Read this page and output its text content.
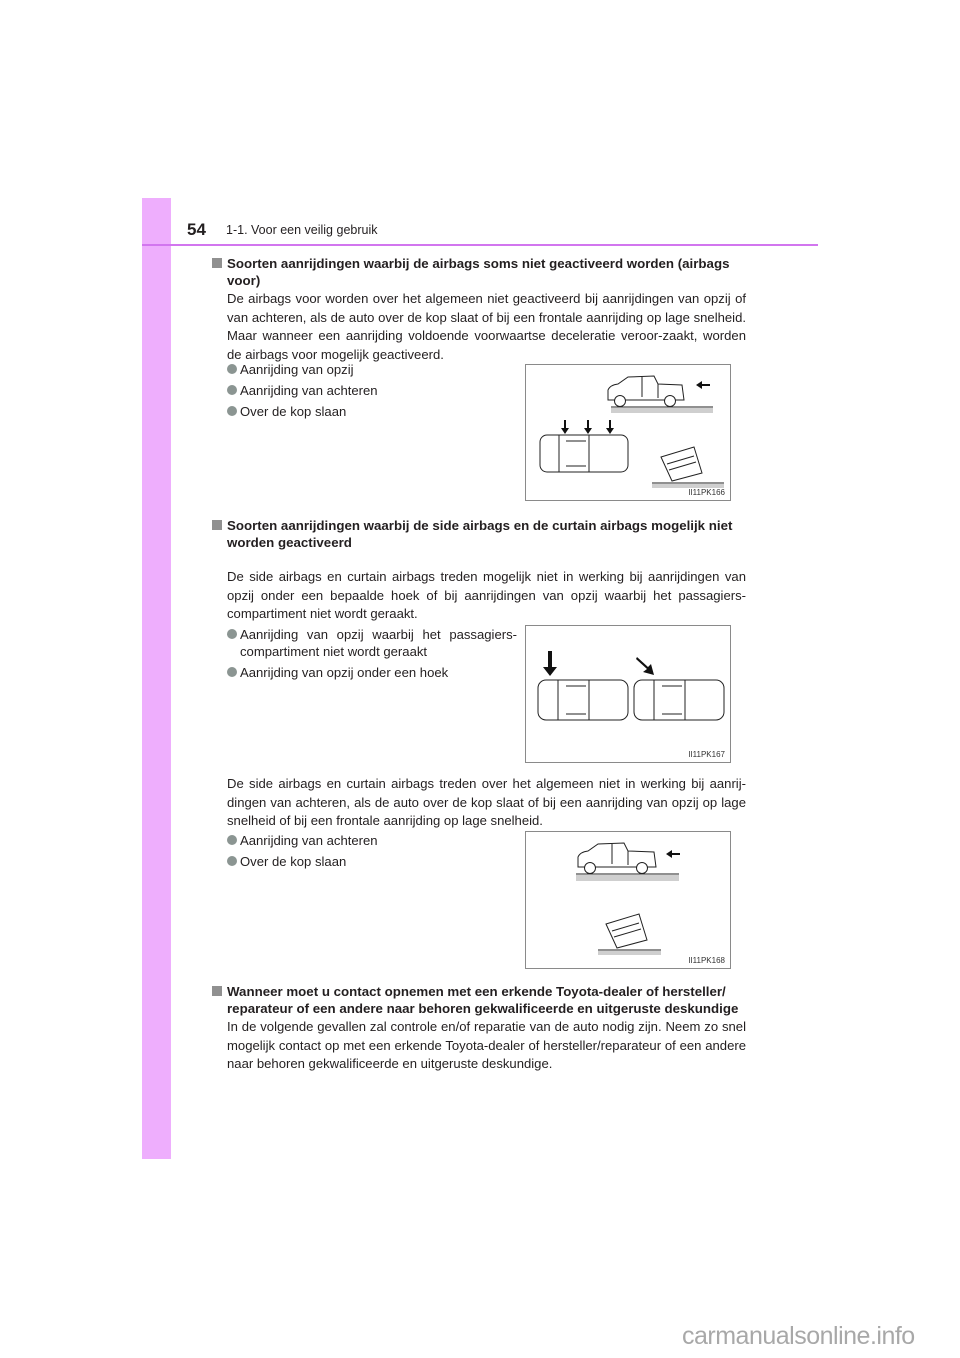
54 1-1. Voor een veilig gebruik
Soorten aanrijdingen waarbij de airbags soms niet geactiveerd worden (airbags voor)
De airbags voor worden over het algemeen niet geactiveerd bij aanrijdingen van opzij of van achteren, als de auto over de kop slaat of bij een frontale aanrijding op lage snelheid. Maar wanneer een aanrijding voldoende voorwaartse deceleratie veroor-zaakt, worden de airbags voor mogelijk geactiveerd.
Aanrijding van opzij
Aanrijding van achteren
Over de kop slaan
II11PK166
Soorten aanrijdingen waarbij de side airbags en de curtain airbags mogelijk niet worden geactiveerd
De side airbags en curtain airbags treden mogelijk niet in werking bij aanrijdingen van opzij onder een bepaalde hoek of bij aanrijdingen van opzij waarbij het passagiers-compartiment niet wordt geraakt.
Aanrijding van opzij waarbij het passagiers-compartiment niet wordt geraakt
Aanrijding van opzij onder een hoek
II11PK167
De side airbags en curtain airbags treden over het algemeen niet in werking bij aanrij-dingen van achteren, als de auto over de kop slaat of bij een aanrijding van opzij op lage snelheid of bij een frontale aanrijding op lage snelheid.
Aanrijding van achteren
Over de kop slaan
II11PK168
Wanneer moet u contact opnemen met een erkende Toyota-dealer of hersteller/ reparateur of een andere naar behoren gekwalificeerde en uitgeruste deskundige
In de volgende gevallen zal controle en/of reparatie van de auto nodig zijn. Neem zo snel mogelijk contact op met een erkende Toyota-dealer of hersteller/reparateur of een andere naar behoren gekwalificeerde en uitgeruste deskundige.
carmanualsonline.info
